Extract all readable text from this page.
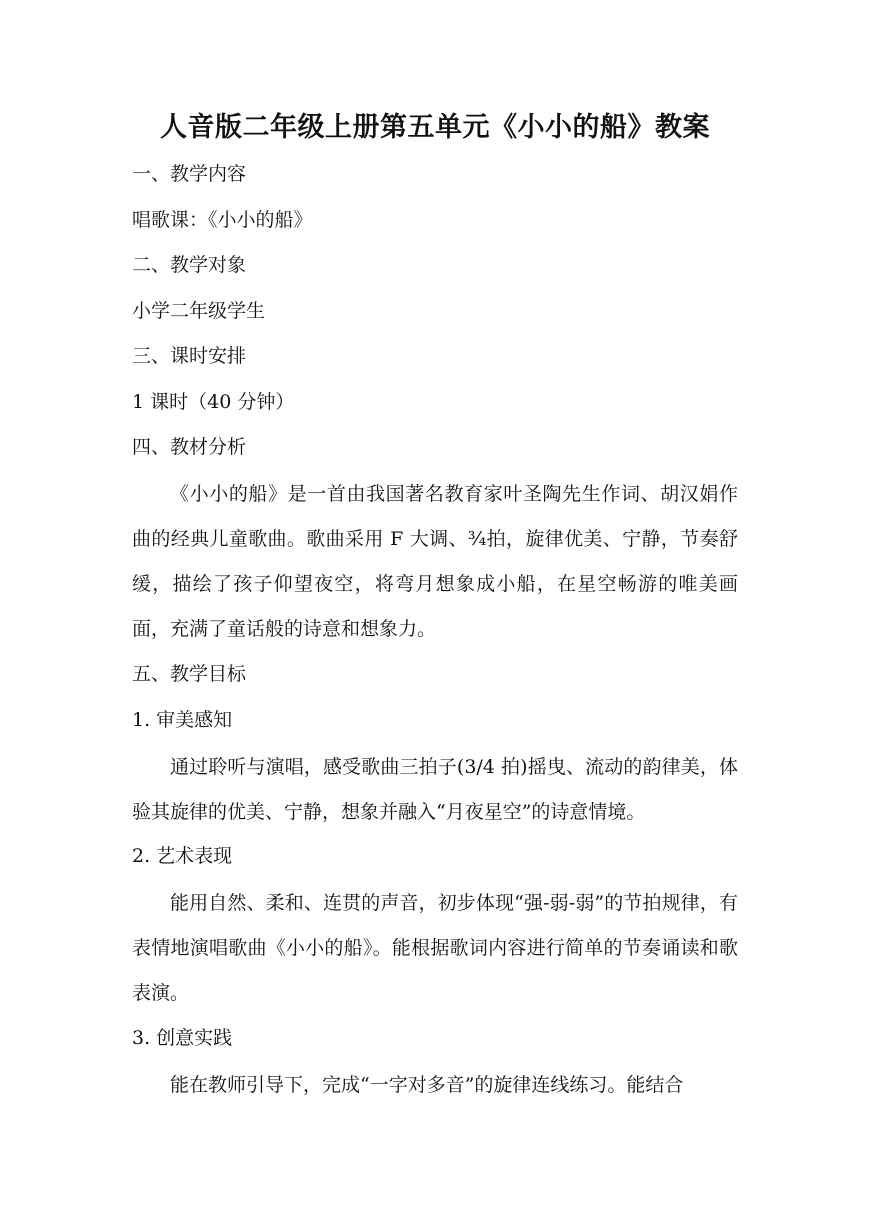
人音版二年级上册第五单元《小小的船》教案
一、教学内容
唱歌课：《小小的船》
二、教学对象
小学二年级学生
三、课时安排
1 课时（40 分钟）
四、教材分析

《小小的船》是一首由我国著名教育家叶圣陶先生作词、胡汉娟作曲的经典儿童歌曲。歌曲采用 F 大调、¾拍，旋律优美、宁静，节奏舒缓，描绘了孩子仰望夜空，将弯月想象成小船，在星空畅游的唯美画面，充满了童话般的诗意和想象力。

五、教学目标
1. 审美感知

通过聆听与演唱，感受歌曲三拍子(3/4 拍)摇曳、流动的韵律美，体验其旋律的优美、宁静，想象并融入“月夜星空”的诗意情境。

2. 艺术表现

能用自然、柔和、连贯的声音，初步体现“强-弱-弱”的节拍规律，有表情地演唱歌曲《小小的船》。能根据歌词内容进行简单的节奏诵读和歌表演。

3. 创意实践

能在教师引导下，完成“一字对多音”的旋律连线练习。能结合
